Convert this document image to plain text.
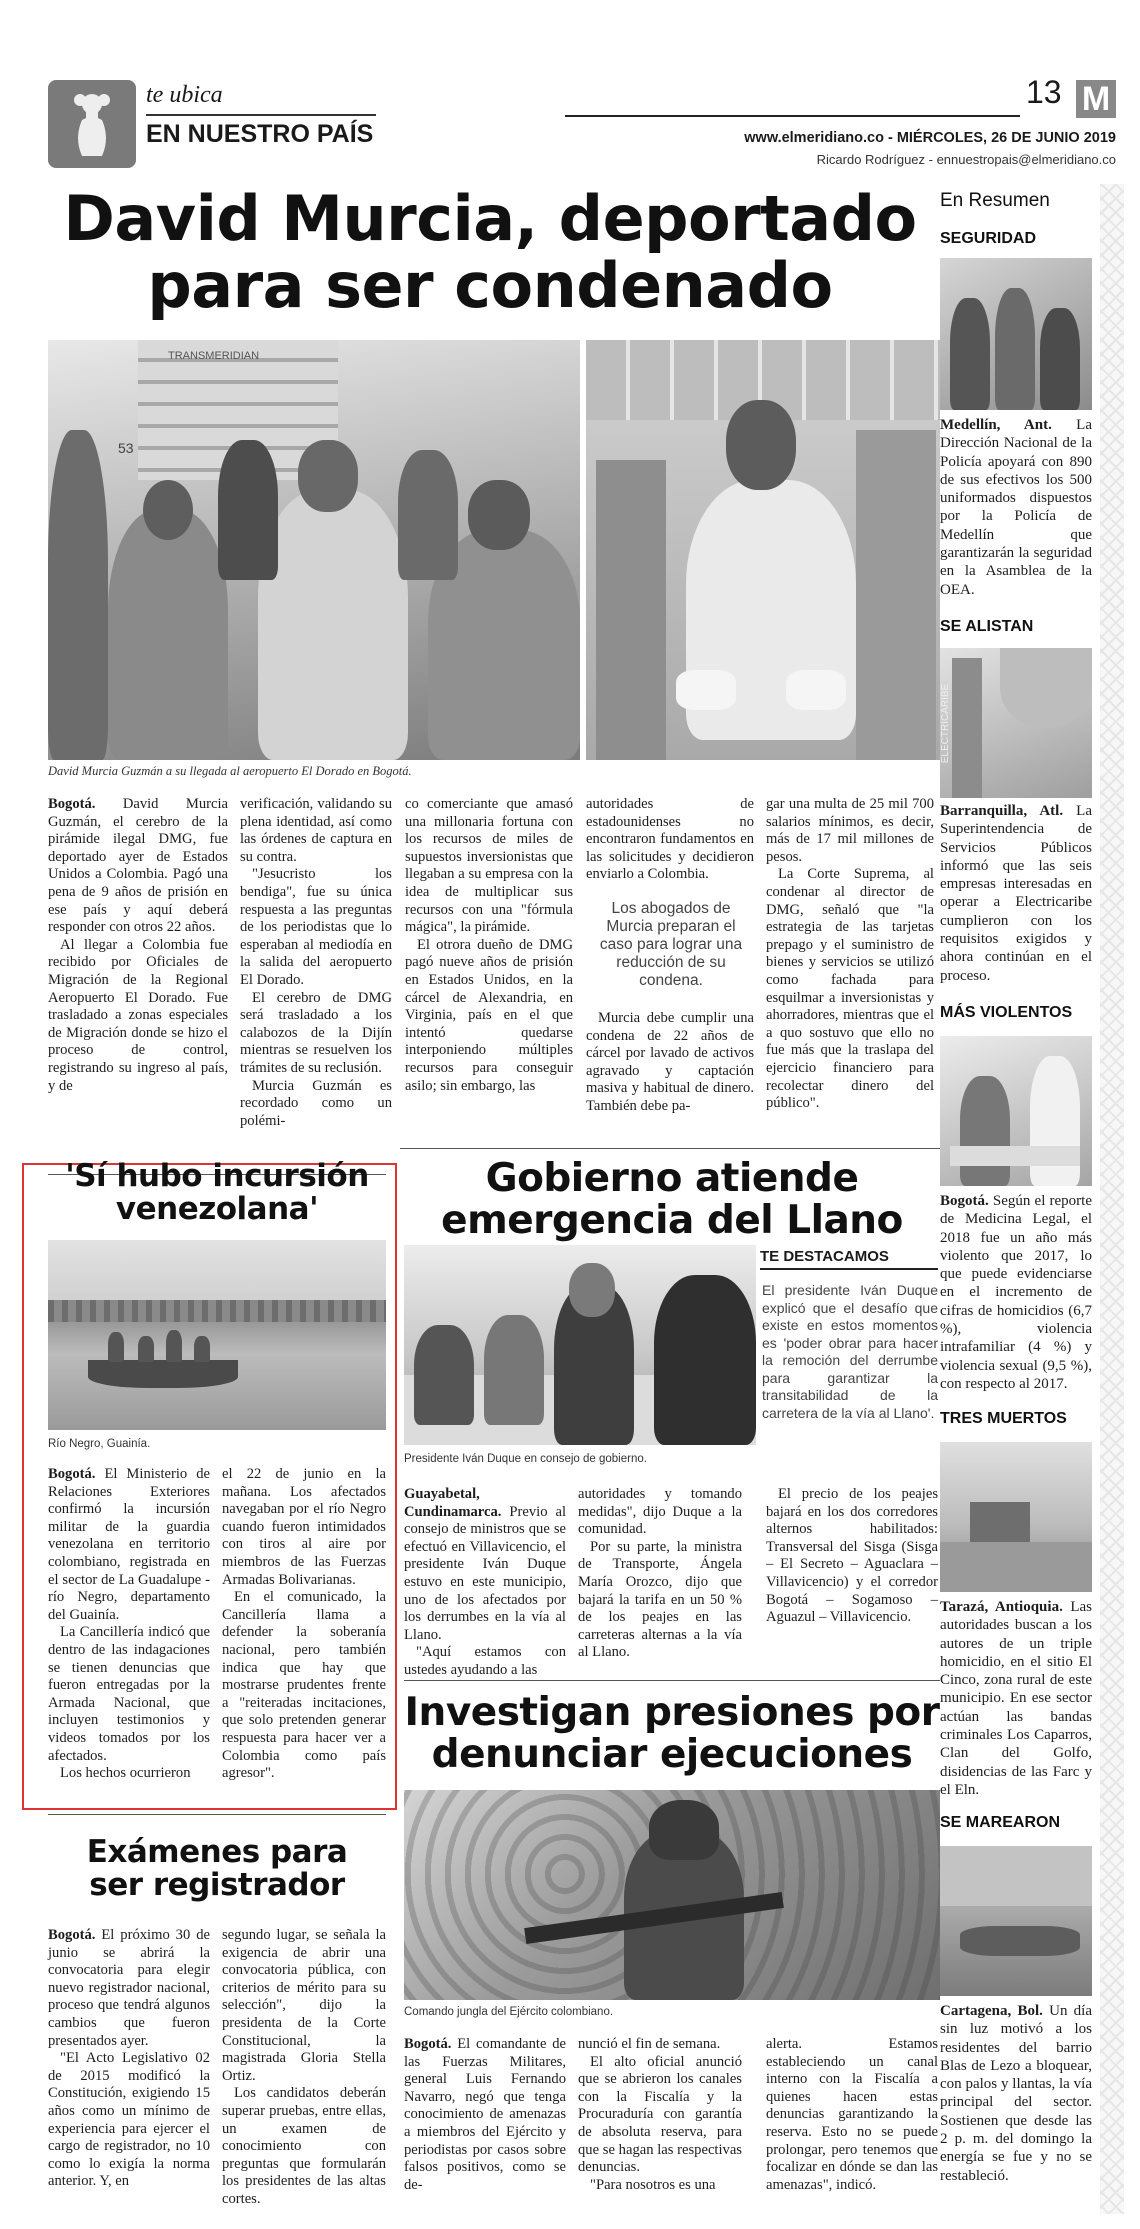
te ubica
EN NUESTRO PAÍS
13 M
www.elmeridiano.co - MIÉRCOLES, 26 DE JUNIO 2019
Ricardo Rodríguez - ennuestropais@elmeridiano.co
David Murcia, deportado
para ser condenado
TRANSMERIDIAN
53
David Murcia Guzmán a su llegada al aeropuerto El Dorado en Bogotá.

Bogotá. David Murcia Guzmán, el cerebro de la pirámide ilegal DMG, fue deportado ayer de Estados Unidos a Colombia. Pagó una pena de 9 años de prisión en ese país y aquí deberá responder con otros 22 años.

Al llegar a Colombia fue recibido por Oficiales de Migración de la Regional Aeropuerto El Dorado. Fue trasladado a zonas especiales de Migración donde se hizo el proceso de control, registrando su ingreso al país, y de

verificación, validando su plena identidad, así como las órdenes de captura en su contra.

"Jesucristo los bendiga", fue su única respuesta a las preguntas de los periodistas que lo esperaban al mediodía en la salida del aeropuerto El Dorado.

El cerebro de DMG será trasladado a los calabozos de la Dijín mientras se resuelven los trámites de su reclusión.

Murcia Guzmán es recordado como un polémi-

co comerciante que amasó una millonaria fortuna con los recursos de miles de supuestos inversionistas que llegaban a su empresa con la idea de multiplicar sus recursos con una "fórmula mágica", la pirámide.

El otrora dueño de DMG pagó nueve años de prisión en Estados Unidos, en la cárcel de Alexandria, en Virginia, país en el que intentó quedarse interponiendo múltiples recursos para conseguir asilo; sin embargo, las

autoridades de estadounidenses no encontraron fundamentos en las solicitudes y decidieron enviarlo a Colombia.

Los abogados de Murcia preparan el caso para lograr una reducción de su condena.

Murcia debe cumplir una condena de 22 años de cárcel por lavado de activos agravado y captación masiva y habitual de dinero. También debe pa-

gar una multa de 25 mil 700 salarios mínimos, es decir, más de 17 mil millones de pesos.

La Corte Suprema, al condenar al director de DMG, señaló que "la estrategia de las tarjetas prepago y el suministro de bienes y servicios se utilizó como fachada para esquilmar a inversionistas y ahorradores, mientras que el a quo sostuvo que ello no fue más que la traslapa del ejercicio financiero para recolectar dinero del público".

'Sí hubo incursión
venezolana'
Río Negro, Guainía.

Bogotá. El Ministerio de Relaciones Exteriores confirmó la incursión militar de la guardia venezolana en territorio colombiano, registrada en el sector de La Guadalupe - río Negro, departamento del Guainía.

La Cancillería indicó que dentro de las indagaciones se tienen denuncias que fueron entregadas por la Armada Nacional, que incluyen testimonios y videos tomados por los afectados.

Los hechos ocurrieron

el 22 de junio en la mañana. Los afectados navegaban por el río Negro cuando fueron intimidados con tiros al aire por miembros de las Fuerzas Armadas Bolivarianas.

En el comunicado, la Cancillería llama a defender la soberanía nacional, pero también indica que hay que mostrarse prudentes frente a "reiteradas incitaciones, que solo pretenden generar respuesta para hacer ver a Colombia como país agresor".

Gobierno atiende
emergencia del Llano
Presidente Iván Duque en consejo de gobierno.
TE DESTACAMOS
El presidente Iván Duque explicó que el desafío que existe en estos momentos es 'poder obrar para hacer la remoción del derrumbe para garantizar la transitabilidad de la carretera de la vía al Llano'.

Guayabetal, Cundinamarca. Previo al consejo de ministros que se efectuó en Villavicencio, el presidente Iván Duque estuvo en este municipio, uno de los afectados por los derrumbes en la vía al Llano.

"Aquí estamos con ustedes ayudando a las

autoridades y tomando medidas", dijo Duque a la comunidad.

Por su parte, la ministra de Transporte, Ángela María Orozco, dijo que bajará la tarifa en un 50 % de los peajes en las carreteras alternas a la vía al Llano.

El precio de los peajes bajará en los dos corredores alternos habilitados: Transversal del Sisga (Sisga – El Secreto – Aguaclara – Villavicencio) y el corredor Bogotá – Sogamoso – Aguazul – Villavicencio.

Exámenes para
ser registrador

Bogotá. El próximo 30 de junio se abrirá la convocatoria para elegir nuevo registrador nacional, proceso que tendrá algunos cambios que fueron presentados ayer.

"El Acto Legislativo 02 de 2015 modificó la Constitución, exigiendo 15 años como un mínimo de experiencia para ejercer el cargo de registrador, no 10 como lo exigía la norma anterior. Y, en

segundo lugar, se señala la exigencia de abrir una convocatoria pública, con criterios de mérito para su selección", dijo la presidenta de la Corte Constitucional, la magistrada Gloria Stella Ortiz.

Los candidatos deberán superar pruebas, entre ellas, un examen de conocimiento con preguntas que formularán los presidentes de las altas cortes.

Investigan presiones por
denunciar ejecuciones
Comando jungla del Ejército colombiano.

Bogotá. El comandante de las Fuerzas Militares, general Luis Fernando Navarro, negó que tenga conocimiento de amenazas a miembros del Ejército y periodistas por casos sobre falsos positivos, como se de-

nunció el fin de semana.

El alto oficial anunció que se abrieron los canales con la Fiscalía y la Procuraduría con garantía de absoluta reserva, para que se hagan las respectivas denuncias.

"Para nosotros es una

alerta. Estamos estableciendo un canal interno con la Fiscalía a quienes hacen estas denuncias garantizando la reserva. Esto no se puede prolongar, pero tenemos que focalizar en dónde se dan las amenazas", indicó.

En Resumen
SEGURIDAD
Medellín, Ant. La Dirección Nacional de la Policía apoyará con 890 de sus efectivos los 500 uniformados dispuestos por la Policía de Medellín que garantizarán la seguridad en la Asamblea de la OEA.
SE ALISTAN
ELECTRICARIBE
Barranquilla, Atl. La Superintendencia de Servicios Públicos informó que las seis empresas interesadas en operar a Electricaribe cumplieron con los requisitos exigidos y ahora continúan en el proceso.
MÁS VIOLENTOS
Bogotá. Según el reporte de Medicina Legal, el 2018 fue un año más violento que 2017, lo que puede evidenciarse en el incremento de cifras de homicidios (6,7 %), violencia intrafamiliar (4 %) y violencia sexual (9,5 %), con respecto al 2017.
TRES MUERTOS
Tarazá, Antioquia. Las autoridades buscan a los autores de un triple homicidio, en el sitio El Cinco, zona rural de este municipio. En ese sector actúan las bandas criminales Los Caparros, Clan del Golfo, disidencias de las Farc y el Eln.
SE MAREARON
Cartagena, Bol. Un día sin luz motivó a los residentes del barrio Blas de Lezo a bloquear, con palos y llantas, la vía principal del sector. Sostienen que desde las 2 p. m. del domingo la energía se fue y no se restableció.
